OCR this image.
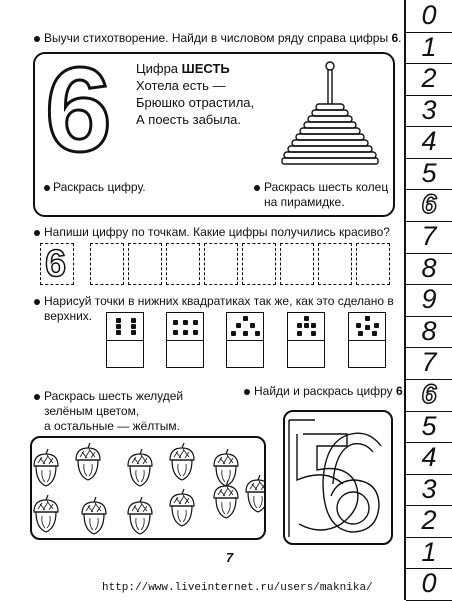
0
1
2
3
4
5
6
7
8
9
8
7
6
5
4
3
2
1
0
Выучи стихотворение. Найди в числовом ряду справа цифры 6.
6 Цифра ШЕСТЬ
Хотела есть —
Брюшко отрастила,
А поесть забыла.
Раскрась цифру.	Раскрась шесть колец
на пирамидке.
Напиши цифру по точкам. Какие цифры получились красиво?
6
Нарисуй точки в нижних квадратиках так же, как это сделано в
верхних.
Раскрась шесть желудей
зелёным цветом,
а остальные — жёлтым.
Найди и раскрась цифру 6.
7
http://www.liveinternet.ru/users/maknika/
